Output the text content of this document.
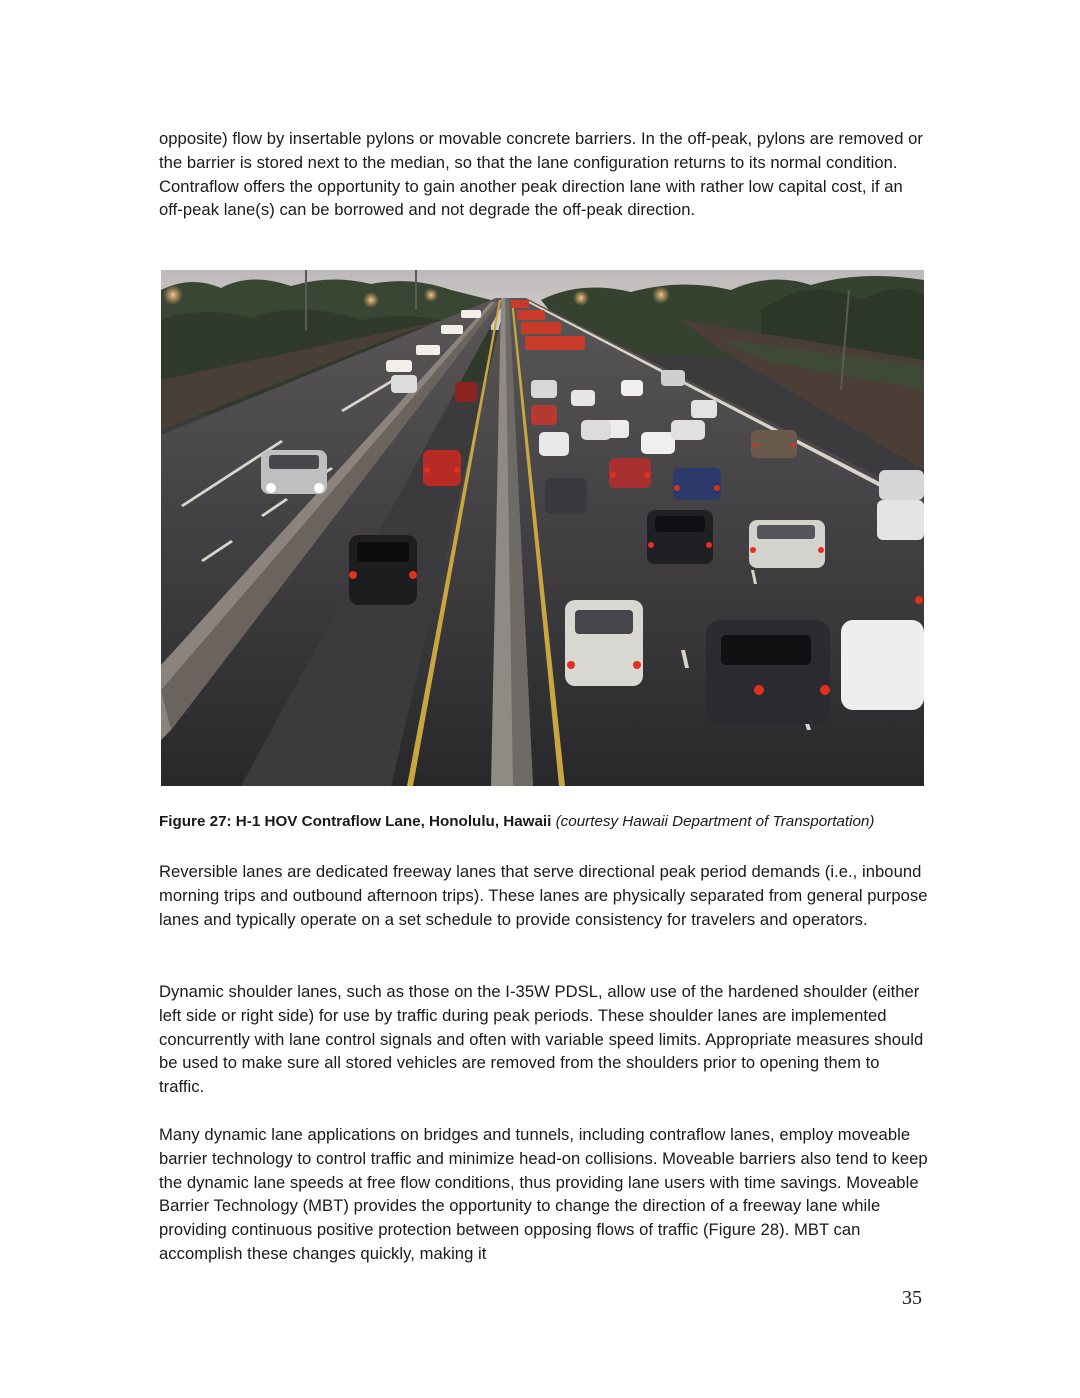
opposite) flow by insertable pylons or movable concrete barriers. In the off-peak, pylons are removed or the barrier is stored next to the median, so that the lane configuration returns to its normal condition. Contraflow offers the opportunity to gain another peak direction lane with rather low capital cost, if an off-peak lane(s) can be borrowed and not degrade the off-peak direction.

Figure 27: H-1 HOV Contraflow Lane, Honolulu, Hawaii (courtesy Hawaii Department of Transportation)

Reversible lanes are dedicated freeway lanes that serve directional peak period demands (i.e., inbound morning trips and outbound afternoon trips). These lanes are physically separated from general purpose lanes and typically operate on a set schedule to provide consistency for travelers and operators.

Dynamic shoulder lanes, such as those on the I-35W PDSL, allow use of the hardened shoulder (either left side or right side) for use by traffic during peak periods. These shoulder lanes are implemented concurrently with lane control signals and often with variable speed limits. Appropriate measures should be used to make sure all stored vehicles are removed from the shoulders prior to opening them to traffic.

Many dynamic lane applications on bridges and tunnels, including contraflow lanes, employ moveable barrier technology to control traffic and minimize head-on collisions. Moveable barriers also tend to keep the dynamic lane speeds at free flow conditions, thus providing lane users with time savings. Moveable Barrier Technology (MBT) provides the opportunity to change the direction of a freeway lane while providing continuous positive protection between opposing flows of traffic (Figure 28). MBT can accomplish these changes quickly, making it

35
